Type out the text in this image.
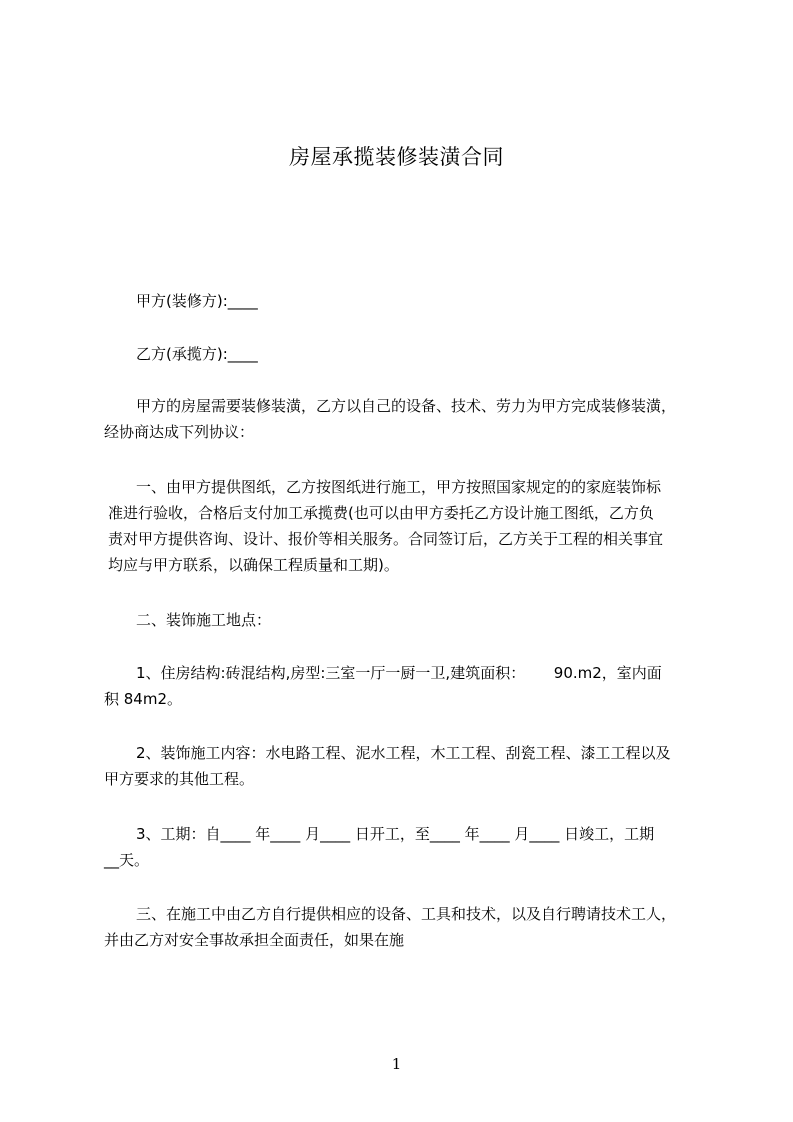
房屋承揽装修装潢合同

甲方(装修方):____

乙方(承揽方):____

甲方的房屋需要装修装潢，乙方以自己的设备、技术、劳力为甲方完成装修装潢，
经协商达成下列协议：

一、由甲方提供图纸，乙方按图纸进行施工，甲方按照国家规定的的家庭装饰标
准进行验收，合格后支付加工承揽费(也可以由甲方委托乙方设计施工图纸，乙方负
责对甲方提供咨询、设计、报价等相关服务。合同签订后，乙方关于工程的相关事宜
均应与甲方联系，以确保工程质量和工期)。

二、装饰施工地点：

1、住房结构:砖混结构,房型:三室一厅一厨一卫,建筑面积：      90.m2，室内面
积 84m2。

2、装饰施工内容：水电路工程、泥水工程，木工工程、刮瓷工程、漆工工程以及
甲方要求的其他工程。

3、工期：自____ 年____ 月____ 日开工，至____ 年____ 月____ 日竣工，工期
__天。

三、在施工中由乙方自行提供相应的设备、工具和技术，以及自行聘请技术工人，
并由乙方对安全事故承担全面责任，如果在施

1
